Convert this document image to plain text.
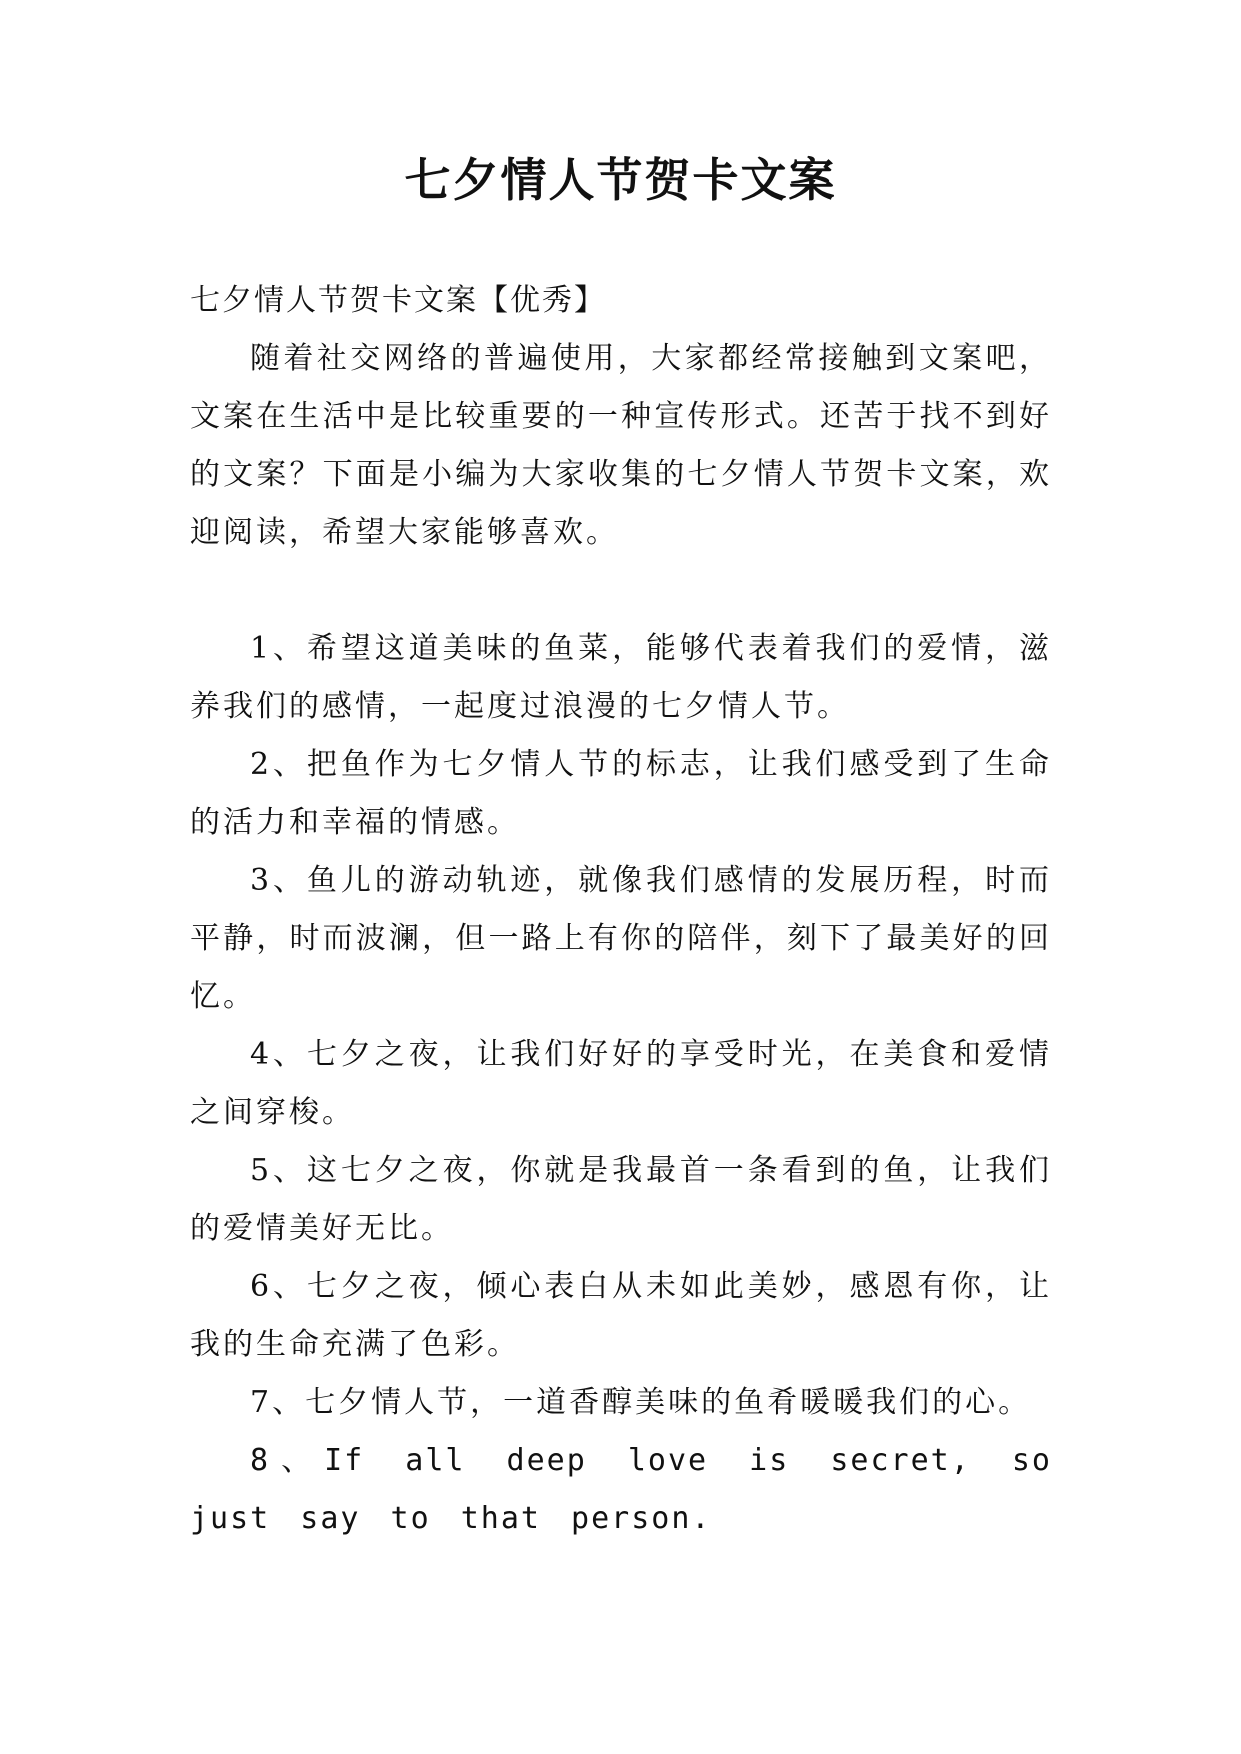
七夕情人节贺卡文案

七夕情人节贺卡文案【优秀】

随着社交网络的普遍使用，大家都经常接触到文案吧，文案在生活中是比较重要的一种宣传形式。还苦于找不到好的文案？下面是小编为大家收集的七夕情人节贺卡文案，欢迎阅读，希望大家能够喜欢。

1、希望这道美味的鱼菜，能够代表着我们的爱情，滋养我们的感情，一起度过浪漫的七夕情人节。

2、把鱼作为七夕情人节的标志，让我们感受到了生命的活力和幸福的情感。

3、鱼儿的游动轨迹，就像我们感情的发展历程，时而平静，时而波澜，但一路上有你的陪伴，刻下了最美好的回忆。

4、七夕之夜，让我们好好的享受时光，在美食和爱情之间穿梭。

5、这七夕之夜，你就是我最首一条看到的鱼，让我们的爱情美好无比。

6、七夕之夜，倾心表白从未如此美妙，感恩有你，让我的生命充满了色彩。

7、七夕情人节，一道香醇美味的鱼肴暖暖我们的心。

8、If all deep love is secret, so just say to that person.
